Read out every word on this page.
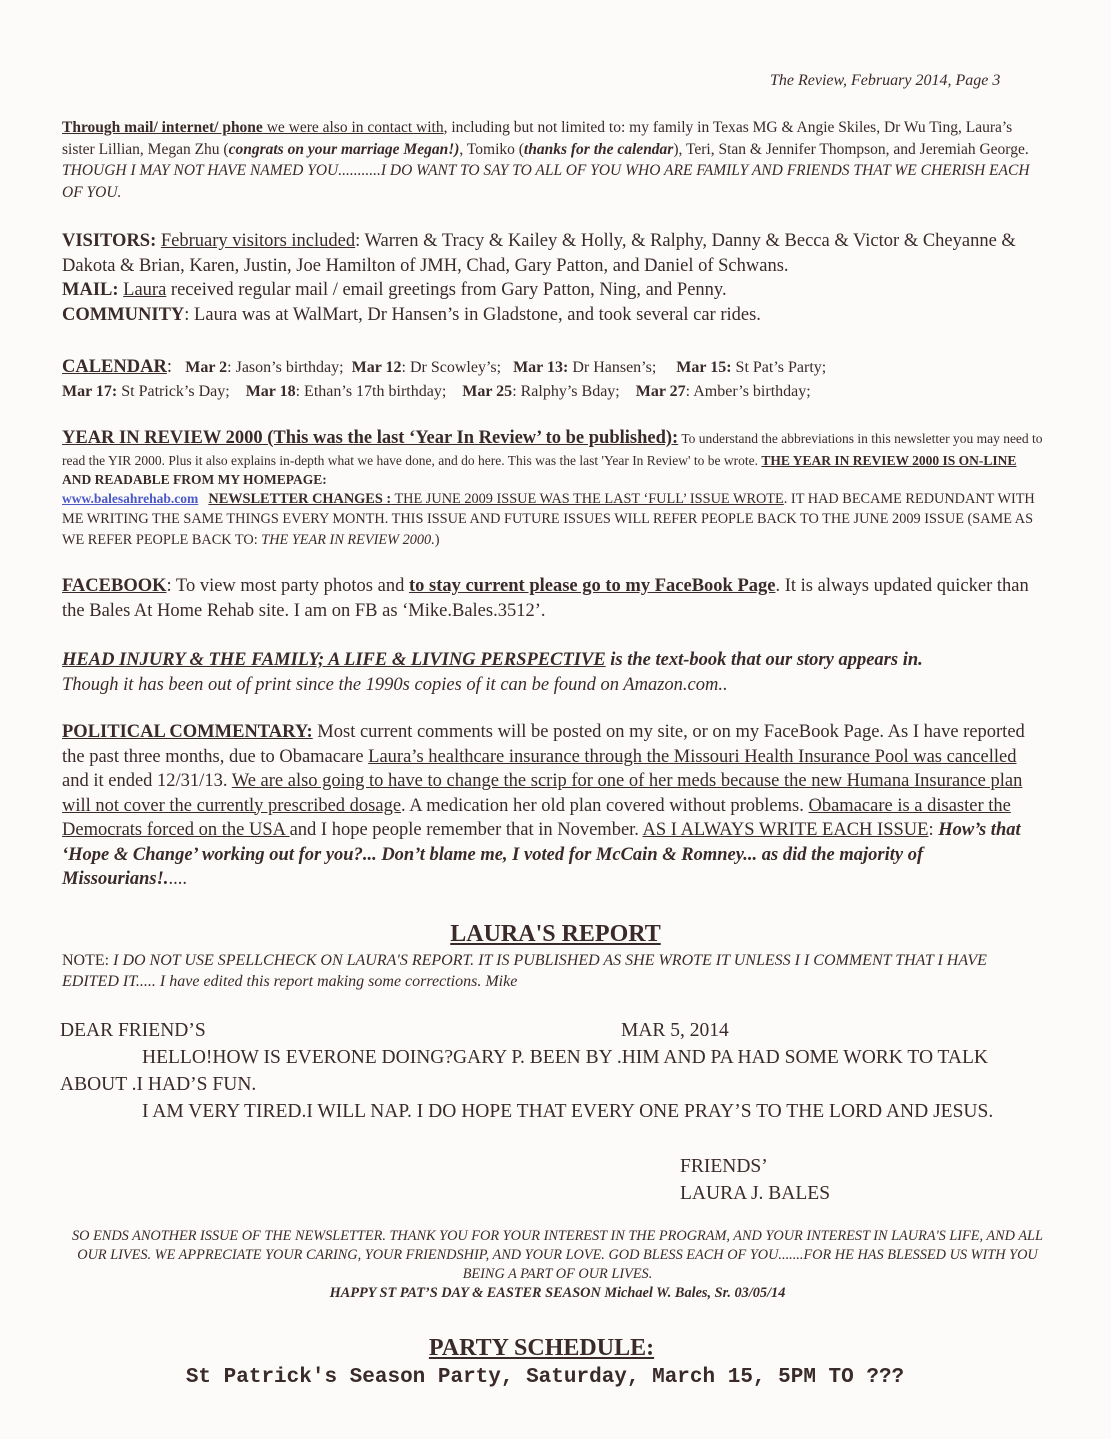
The Review, February 2014, Page 3
Through mail/ internet/ phone we were also in contact with, including but not limited to: my family in Texas MG & Angie Skiles, Dr Wu Ting, Laura’s sister Lillian, Megan Zhu (congrats on your marriage Megan!), Tomiko (thanks for the calendar), Teri, Stan & Jennifer Thompson, and Jeremiah George. THOUGH I MAY NOT HAVE NAMED YOU...........I DO WANT TO SAY TO ALL OF YOU WHO ARE FAMILY AND FRIENDS THAT WE CHERISH EACH OF YOU.
VISITORS: February visitors included: Warren & Tracy & Kailey & Holly, & Ralphy, Danny & Becca & Victor & Cheyanne & Dakota & Brian, Karen, Justin, Joe Hamilton of JMH, Chad, Gary Patton, and Daniel of Schwans.
MAIL: Laura received regular mail / email greetings from Gary Patton, Ning, and Penny.
COMMUNITY: Laura was at WalMart, Dr Hansen’s in Gladstone, and took several car rides.
CALENDAR:   Mar 2: Jason’s birthday; Mar 12: Dr Scowley’s; Mar 13: Dr Hansen’s; Mar 15: St Pat’s Party;
Mar 17: St Patrick’s Day; Mar 18: Ethan’s 17th birthday; Mar 25: Ralphy’s Bday; Mar 27: Amber’s birthday;
YEAR IN REVIEW 2000 (This was the last ‘Year In Review’ to be published): To understand the abbreviations in this newsletter you may need to read the YIR 2000. Plus it also explains in-depth what we have done, and do here. This was the last 'Year In Review' to be wrote. THE YEAR IN REVIEW 2000 IS ON-LINE AND READABLE FROM MY HOMEPAGE:
www.balesahrehab.com NEWSLETTER CHANGES : THE JUNE 2009 ISSUE WAS THE LAST ‘FULL’ ISSUE WROTE. IT HAD BECAME REDUNDANT WITH ME WRITING THE SAME THINGS EVERY MONTH. THIS ISSUE AND FUTURE ISSUES WILL REFER PEOPLE BACK TO THE JUNE 2009 ISSUE (SAME AS WE REFER PEOPLE BACK TO: THE YEAR IN REVIEW 2000.)
FACEBOOK: To view most party photos and to stay current please go to my FaceBook Page. It is always updated quicker than the Bales At Home Rehab site. I am on FB as ‘Mike.Bales.3512’.
HEAD INJURY & THE FAMILY; A LIFE & LIVING PERSPECTIVE is the text-book that our story appears in.
Though it has been out of print since the 1990s copies of it can be found on Amazon.com..
POLITICAL COMMENTARY: Most current comments will be posted on my site, or on my FaceBook Page. As I have reported the past three months, due to Obamacare Laura’s healthcare insurance through the Missouri Health Insurance Pool was cancelled and it ended 12/31/13. We are also going to have to change the scrip for one of her meds because the new Humana Insurance plan will not cover the currently prescribed dosage. A medication her old plan covered without problems. Obamacare is a disaster the Democrats forced on the USA and I hope people remember that in November. AS I ALWAYS WRITE EACH ISSUE: How’s that ‘Hope & Change’ working out for you?... Don’t blame me, I voted for McCain & Romney... as did the majority of Missourians!.....
LAURA'S REPORT
NOTE: I DO NOT USE SPELLCHECK ON LAURA'S REPORT. IT IS PUBLISHED AS SHE WROTE IT UNLESS I I COMMENT THAT I HAVE EDITED IT..... I have edited this report making some corrections. Mike
DEAR FRIEND’S	MAR 5, 2014
HELLO!HOW IS EVERONE DOING?GARY P. BEEN BY .HIM AND PA HAD SOME WORK TO TALK ABOUT .I HAD’S FUN.
I AM VERY TIRED.I WILL NAP. I DO HOPE THAT EVERY ONE PRAY’S TO THE LORD AND JESUS.
FRIENDS’
LAURA J. BALES
SO ENDS ANOTHER ISSUE OF THE NEWSLETTER. THANK YOU FOR YOUR INTEREST IN THE PROGRAM, AND YOUR INTEREST IN LAURA'S LIFE, AND ALL OUR LIVES. WE APPRECIATE YOUR CARING, YOUR FRIENDSHIP, AND YOUR LOVE. GOD BLESS EACH OF YOU.......FOR HE HAS BLESSED US WITH YOU BEING A PART OF OUR LIVES.
HAPPY ST PAT’S DAY & EASTER SEASON Michael W. Bales, Sr. 03/05/14
PARTY SCHEDULE:
St Patrick's Season Party, Saturday, March 15, 5PM TO ???
